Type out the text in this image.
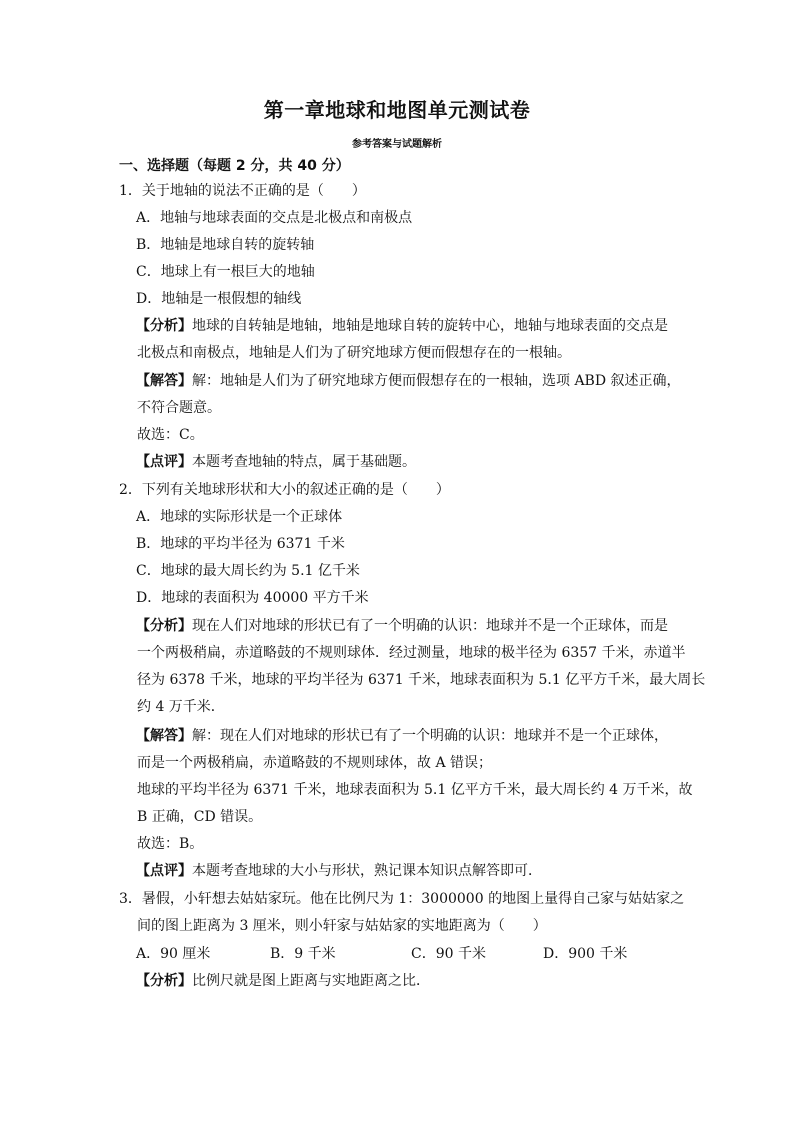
第一章地球和地图单元测试卷
参考答案与试题解析
一、选择题（每题 2 分，共 40 分）
1．关于地轴的说法不正确的是（　　）
A．地轴与地球表面的交点是北极点和南极点
B．地轴是地球自转的旋转轴
C．地球上有一根巨大的地轴
D．地轴是一根假想的轴线
【分析】地球的自转轴是地轴，地轴是地球自转的旋转中心，地轴与地球表面的交点是
北极点和南极点，地轴是人们为了研究地球方便而假想存在的一根轴。
【解答】解：地轴是人们为了研究地球方便而假想存在的一根轴，选项 ABD 叙述正确，
不符合题意。
故选：C。
【点评】本题考查地轴的特点，属于基础题。
2．下列有关地球形状和大小的叙述正确的是（　　）
A．地球的实际形状是一个正球体
B．地球的平均半径为 6371 千米
C．地球的最大周长约为 5.1 亿千米
D．地球的表面积为 40000 平方千米
【分析】现在人们对地球的形状已有了一个明确的认识：地球并不是一个正球体，而是
一个两极稍扁，赤道略鼓的不规则球体．经过测量，地球的极半径为 6357 千米，赤道半
径为 6378 千米，地球的平均半径为 6371 千米，地球表面积为 5.1 亿平方千米，最大周长
约 4 万千米．
【解答】解：现在人们对地球的形状已有了一个明确的认识：地球并不是一个正球体，
而是一个两极稍扁，赤道略鼓的不规则球体，故 A 错误；
地球的平均半径为 6371 千米，地球表面积为 5.1 亿平方千米，最大周长约 4 万千米，故
B 正确，CD 错误。
故选：B。
【点评】本题考查地球的大小与形状，熟记课本知识点解答即可．
3．暑假，小轩想去姑姑家玩。他在比例尺为 1：3000000 的地图上量得自己家与姑姑家之
间的图上距离为 3 厘米，则小轩家与姑姑家的实地距离为（　　）
A．90 厘米	B．9 千米	C．90 千米	D．900 千米
【分析】比例尺就是图上距离与实地距离之比．
